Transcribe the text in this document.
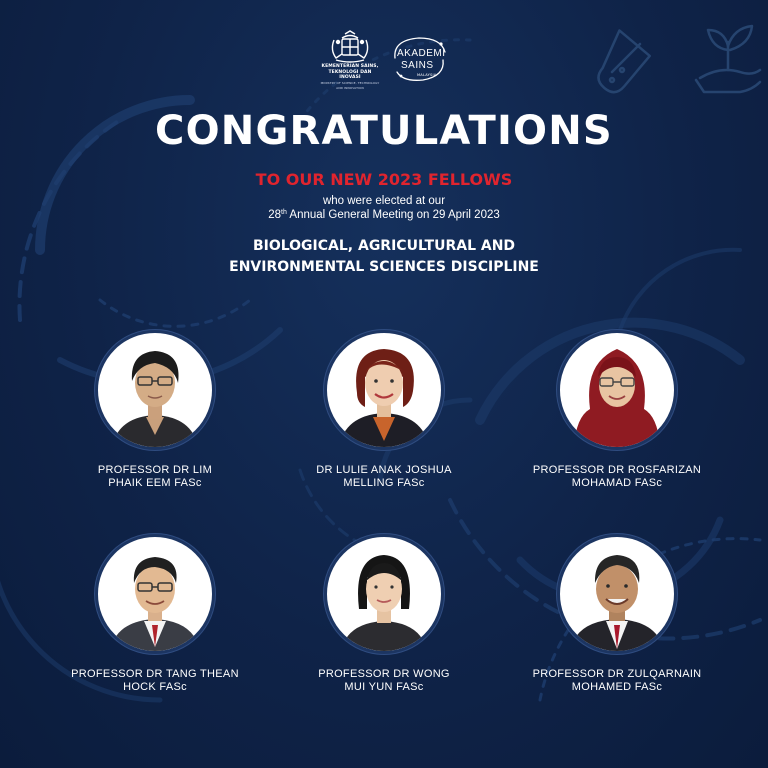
KEMENTERIAN SAINS,
TEKNOLOGI DAN INOVASI
MINISTRY OF SCIENCE, TECHNOLOGY AND INNOVATION
AKADEMI
SAINS
MALAYSIA
CONGRATULATIONS
TO OUR NEW 2023 FELLOWS
who were elected at our
28th Annual General Meeting on 29 April 2023
BIOLOGICAL, AGRICULTURAL AND
ENVIRONMENTAL SCIENCES DISCIPLINE
PROFESSOR DR LIM
PHAIK EEM FASc
DR LULIE ANAK JOSHUA
MELLING FASc
PROFESSOR DR ROSFARIZAN
MOHAMAD FASc
PROFESSOR DR TANG THEAN
HOCK FASc
PROFESSOR DR WONG
MUI YUN FASc
PROFESSOR DR ZULQARNAIN
MOHAMED FASc
